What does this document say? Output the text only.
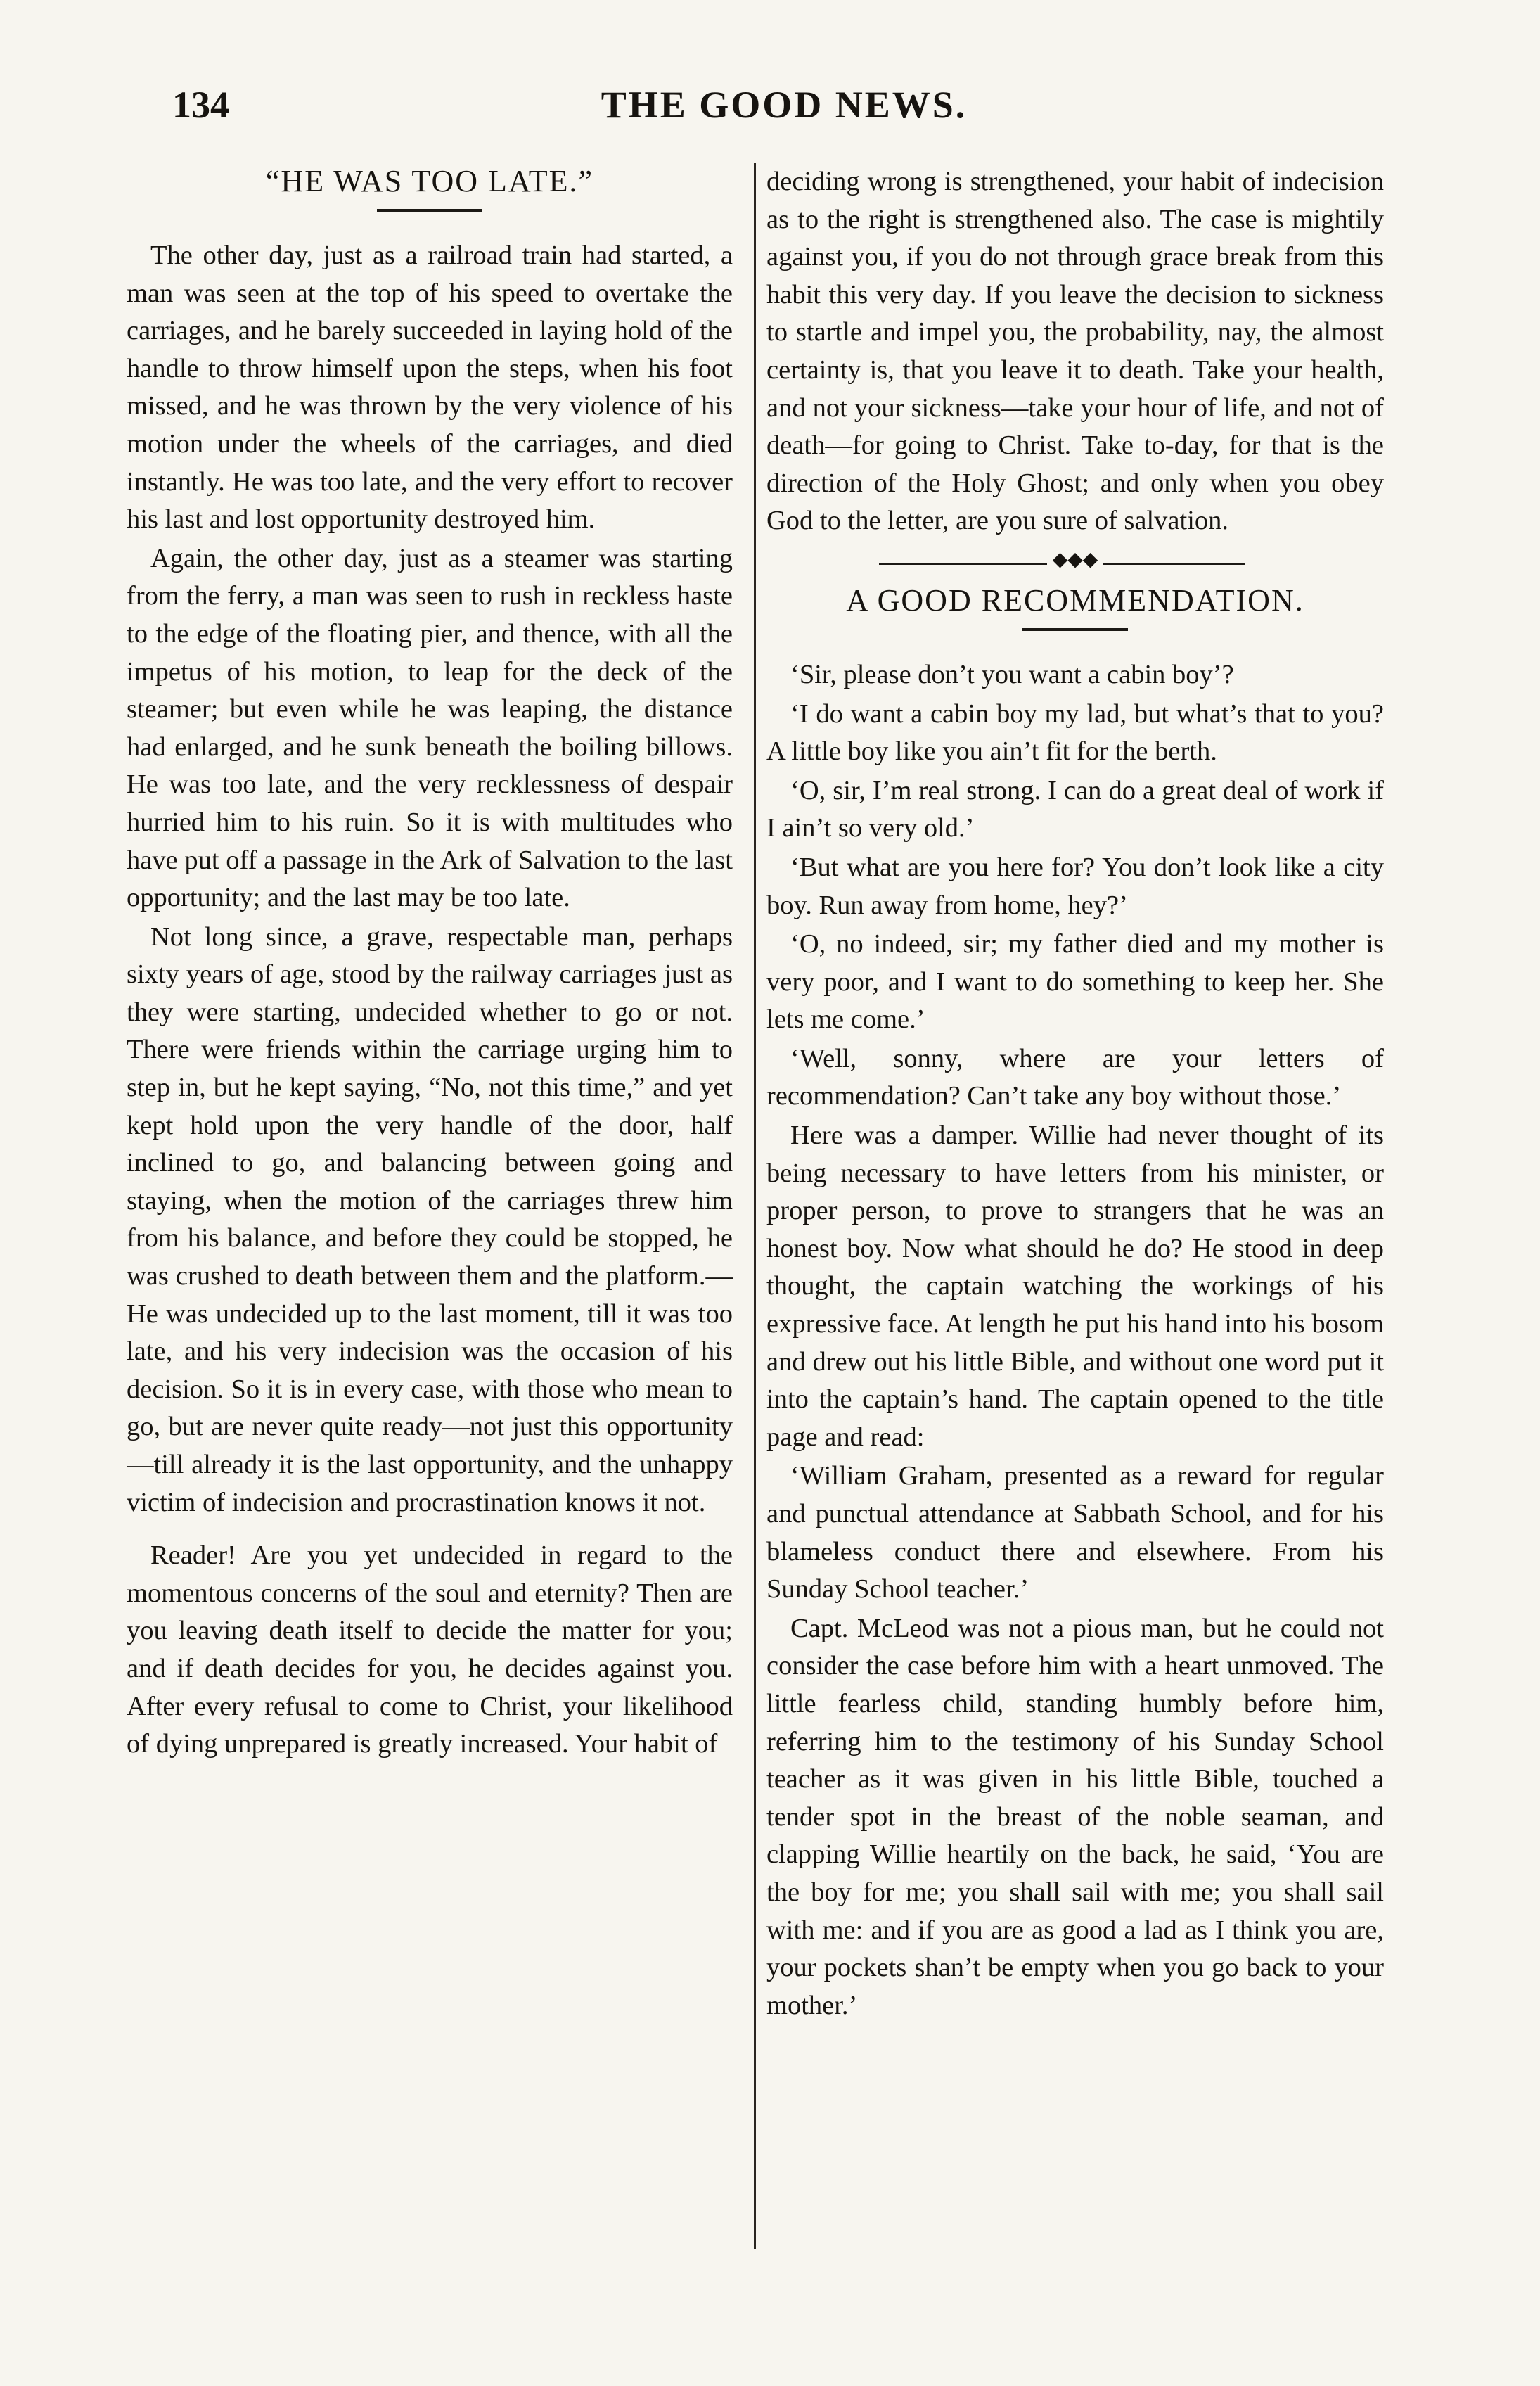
134	THE GOOD NEWS.
“HE WAS TOO LATE.”

The other day, just as a railroad train had started, a man was seen at the top of his speed to overtake the carriages, and he barely succeeded in laying hold of the handle to throw himself upon the steps, when his foot missed, and he was thrown by the very violence of his motion under the wheels of the carriages, and died instantly. He was too late, and the very effort to recover his last and lost opportunity destroyed him.

Again, the other day, just as a steamer was starting from the ferry, a man was seen to rush in reckless haste to the edge of the floating pier, and thence, with all the impetus of his motion, to leap for the deck of the steamer; but even while he was leaping, the distance had enlarged, and he sunk beneath the boiling billows. He was too late, and the very recklessness of despair hurried him to his ruin. So it is with multitudes who have put off a passage in the Ark of Salvation to the last opportunity; and the last may be too late.

Not long since, a grave, respectable man, perhaps sixty years of age, stood by the railway carriages just as they were starting, undecided whether to go or not. There were friends within the carriage urging him to step in, but he kept saying, “No, not this time,” and yet kept hold upon the very handle of the door, half inclined to go, and balancing between going and staying, when the motion of the carriages threw him from his balance, and before they could be stopped, he was crushed to death between them and the platform.—He was undecided up to the last moment, till it was too late, and his very indecision was the occasion of his decision. So it is in every case, with those who mean to go, but are never quite ready—not just this opportunity—till already it is the last opportunity, and the unhappy victim of indecision and procrastination knows it not.

Reader! Are you yet undecided in regard to the momentous concerns of the soul and eternity? Then are you leaving death itself to decide the matter for you; and if death decides for you, he decides against you. After every refusal to come to Christ, your likelihood of dying unprepared is greatly increased. Your habit of

deciding wrong is strengthened, your habit of indecision as to the right is strengthened also. The case is mightily against you, if you do not through grace break from this habit this very day. If you leave the decision to sickness to startle and impel you, the probability, nay, the almost certainty is, that you leave it to death. Take your health, and not your sickness—take your hour of life, and not of death—for going to Christ. Take to-day, for that is the direction of the Holy Ghost; and only when you obey God to the letter, are you sure of salvation.

◆◆◆
A GOOD RECOMMENDATION.

‘Sir, please don’t you want a cabin boy’?

‘I do want a cabin boy my lad, but what’s that to you? A little boy like you ain’t fit for the berth.

‘O, sir, I’m real strong. I can do a great deal of work if I ain’t so very old.’

‘But what are you here for? You don’t look like a city boy. Run away from home, hey?’

‘O, no indeed, sir; my father died and my mother is very poor, and I want to do something to keep her. She lets me come.’

‘Well, sonny, where are your letters of recommendation? Can’t take any boy without those.’

Here was a damper. Willie had never thought of its being necessary to have letters from his minister, or proper person, to prove to strangers that he was an honest boy. Now what should he do? He stood in deep thought, the captain watching the workings of his expressive face. At length he put his hand into his bosom and drew out his little Bible, and without one word put it into the captain’s hand. The captain opened to the title page and read:

‘William Graham, presented as a reward for regular and punctual attendance at Sabbath School, and for his blameless conduct there and elsewhere. From his Sunday School teacher.’

Capt. McLeod was not a pious man, but he could not consider the case before him with a heart unmoved. The little fearless child, standing humbly before him, referring him to the testimony of his Sunday School teacher as it was given in his little Bible, touched a tender spot in the breast of the noble seaman, and clapping Willie heartily on the back, he said, ‘You are the boy for me; you shall sail with me; you shall sail with me: and if you are as good a lad as I think you are, your pockets shan’t be empty when you go back to your mother.’
